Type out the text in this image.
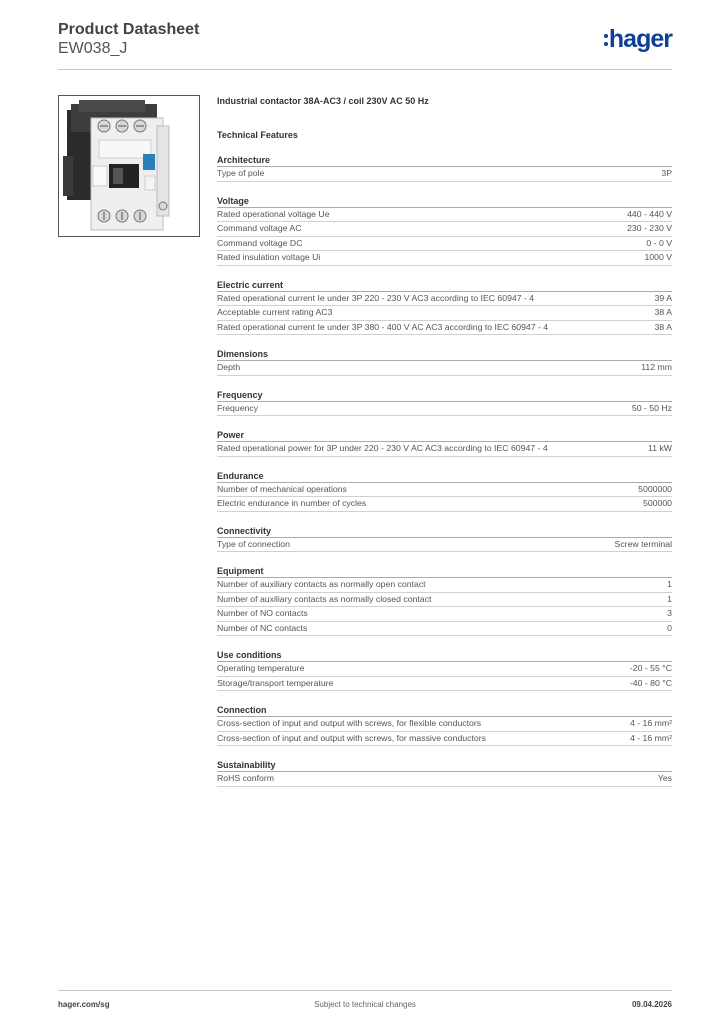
Product Datasheet
EW038_J	hager
Industrial contactor 38A-AC3 / coil 230V AC 50 Hz
Technical Features
Architecture
Type of pole	3P
Voltage
Rated operational voltage Ue	440 - 440 V
Command voltage AC	230 - 230 V
Command voltage DC	0 - 0 V
Rated insulation voltage Ui	1000 V
Electric current
Rated operational current Ie under 3P 220 - 230 V AC3 according to IEC 60947 - 4	39 A
Acceptable current rating AC3	38 A
Rated operational current Ie under 3P 380 - 400 V AC AC3 according to IEC 60947 - 4	38 A
Dimensions
Depth	112 mm
Frequency
Frequency	50 - 50 Hz
Power
Rated operational power for 3P under 220 - 230 V AC AC3 according to IEC 60947 - 4	11 kW
Endurance
Number of mechanical operations	5000000
Electric endurance in number of cycles	500000
Connectivity
Type of connection	Screw terminal
Equipment
Number of auxiliary contacts as normally open contact	1
Number of auxiliary contacts as normally closed contact	1
Number of NO contacts	3
Number of NC contacts	0
Use conditions
Operating temperature	-20 - 55 °C
Storage/transport temperature	-40 - 80 °C
Connection
Cross-section of input and output with screws, for flexible conductors	4 - 16 mm²
Cross-section of input and output with screws, for massive conductors	4 - 16 mm²
Sustainability
RoHS conform	Yes
hager.com/sg	Subject to technical changes	09.04.2026
